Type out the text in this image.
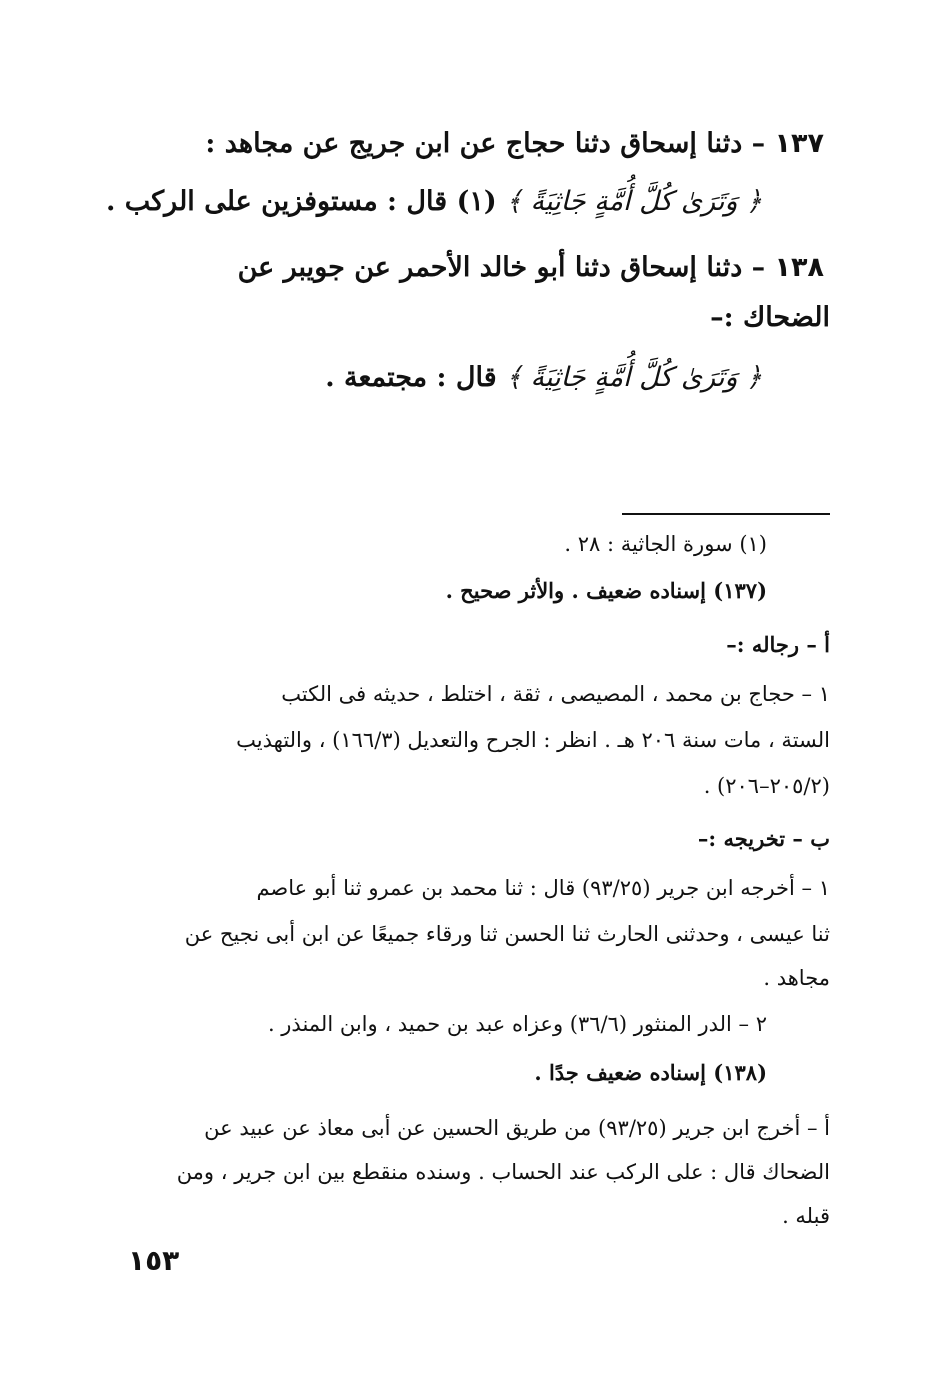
١٣٧ – دثنا إسحاق دثنا حجاج عن ابن جريج عن مجاهد :
﴿ وَتَرَىٰ كُلَّ أُمَّةٍ جَاثِيَةً ﴾ (١) قال : مستوفزين على الركب .
١٣٨ – دثنا إسحاق دثنا أبو خالد الأحمر عن جويبر عن
الضحاك :–
﴿ وَتَرَىٰ كُلَّ أُمَّةٍ جَاثِيَةً ﴾ قال : مجتمعة .
(١) سورة الجاثية : ٢٨ .
(١٣٧) إسناده ضعيف . والأثر صحيح .
أ – رجاله :–
١ – حجاج بن محمد ، المصيصى ، ثقة ، اختلط ، حديثه فى الكتب
الستة ، مات سنة ٢٠٦ هـ . انظر : الجرح والتعديل (١٦٦/٣) ، والتهذيب
(٢٠٥/٢–٢٠٦) .
ب – تخريجه :–
١ – أخرجه ابن جرير (٩٣/٢٥) قال : ثنا محمد بن عمرو ثنا أبو عاصم
ثنا عيسى ، وحدثنى الحارث ثنا الحسن ثنا ورقاء جميعًا عن ابن أبى نجيح عن
مجاهد .
٢ – الدر المنثور (٣٦/٦) وعزاه عبد بن حميد ، وابن المنذر .
(١٣٨) إسناده ضعيف جدًا .
أ – أخرج ابن جرير (٩٣/٢٥) من طريق الحسين عن أبى معاذ عن عبيد عن
الضحاك قال : على الركب عند الحساب . وسنده منقطع بين ابن جرير ، ومن
قبله .
١٥٣
